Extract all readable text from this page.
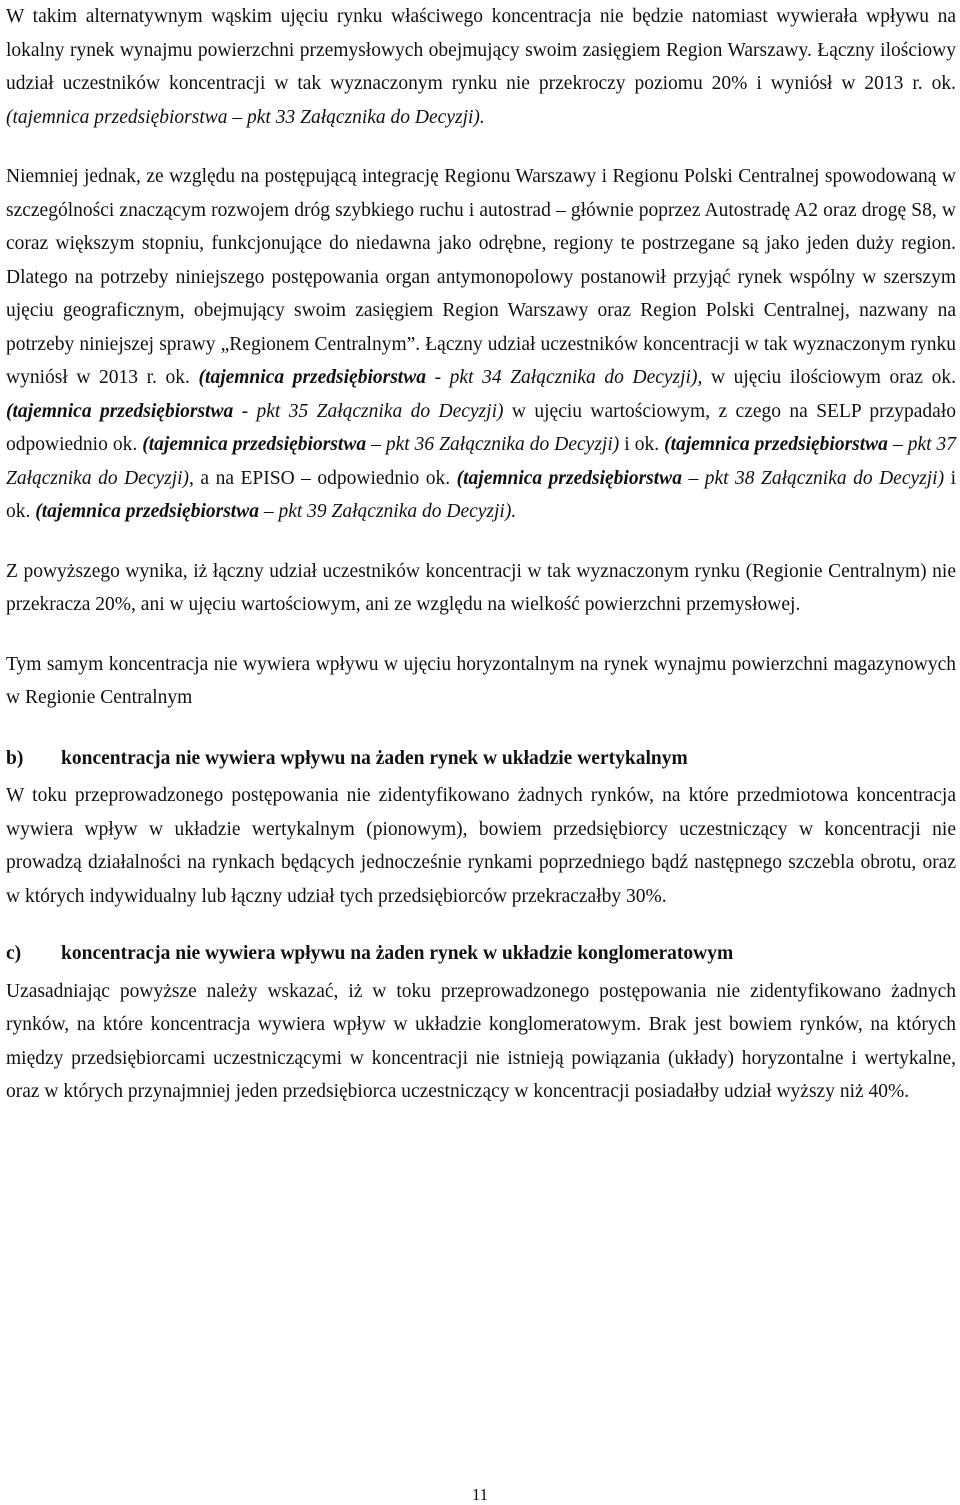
W takim alternatywnym wąskim ujęciu rynku właściwego koncentracja nie będzie natomiast wywierała wpływu na lokalny rynek wynajmu powierzchni przemysłowych obejmujący swoim zasięgiem Region Warszawy. Łączny ilościowy udział uczestników koncentracji w tak wyznaczonym rynku nie przekroczy poziomu 20% i wyniósł w 2013 r. ok. (tajemnica przedsiębiorstwa – pkt 33 Załącznika do Decyzji).

Niemniej jednak, ze względu na postępującą integrację Regionu Warszawy i Regionu Polski Centralnej spowodowaną w szczególności znaczącym rozwojem dróg szybkiego ruchu i autostrad – głównie poprzez Autostradę A2 oraz drogę S8, w coraz większym stopniu, funkcjonujące do niedawna jako odrębne, regiony te postrzegane są jako jeden duży region. Dlatego na potrzeby niniejszego postępowania organ antymonopolowy postanowił przyjąć rynek wspólny w szerszym ujęciu geograficznym, obejmujący swoim zasięgiem Region Warszawy oraz Region Polski Centralnej, nazwany na potrzeby niniejszej sprawy „Regionem Centralnym”. Łączny udział uczestników koncentracji w tak wyznaczonym rynku wyniósł w 2013 r. ok. (tajemnica przedsiębiorstwa - pkt 34 Załącznika do Decyzji), w ujęciu ilościowym oraz ok. (tajemnica przedsiębiorstwa - pkt 35 Załącznika do Decyzji) w ujęciu wartościowym, z czego na SELP przypadało odpowiednio ok. (tajemnica przedsiębiorstwa – pkt 36 Załącznika do Decyzji) i ok. (tajemnica przedsiębiorstwa – pkt 37 Załącznika do Decyzji), a na EPISO – odpowiednio ok. (tajemnica przedsiębiorstwa – pkt 38 Załącznika do Decyzji) i ok. (tajemnica przedsiębiorstwa – pkt 39 Załącznika do Decyzji).

Z powyższego wynika, iż łączny udział uczestników koncentracji w tak wyznaczonym rynku (Regionie Centralnym) nie przekracza 20%, ani w ujęciu wartościowym, ani ze względu na wielkość powierzchni przemysłowej.

Tym samym koncentracja nie wywiera wpływu w ujęciu horyzontalnym na rynek wynajmu powierzchni magazynowych w Regionie Centralnym

b)	koncentracja nie wywiera wpływu na żaden rynek w układzie wertykalnym

W toku przeprowadzonego postępowania nie zidentyfikowano żadnych rynków, na które przedmiotowa koncentracja wywiera wpływ w układzie wertykalnym (pionowym), bowiem przedsiębiorcy uczestniczący w koncentracji nie prowadzą działalności na rynkach będących jednocześnie rynkami poprzedniego bądź następnego szczebla obrotu, oraz w których indywidualny lub łączny udział tych przedsiębiorców przekraczałby 30%.

c)	koncentracja nie wywiera wpływu na żaden rynek w układzie konglomeratowym

Uzasadniając powyższe należy wskazać, iż w toku przeprowadzonego postępowania nie zidentyfikowano żadnych rynków, na które koncentracja wywiera wpływ w układzie konglomeratowym. Brak jest bowiem rynków, na których między przedsiębiorcami uczestniczącymi w koncentracji nie istnieją powiązania (układy) horyzontalne i wertykalne, oraz w których przynajmniej jeden przedsiębiorca uczestniczący w koncentracji posiadałby udział wyższy niż 40%.

11
